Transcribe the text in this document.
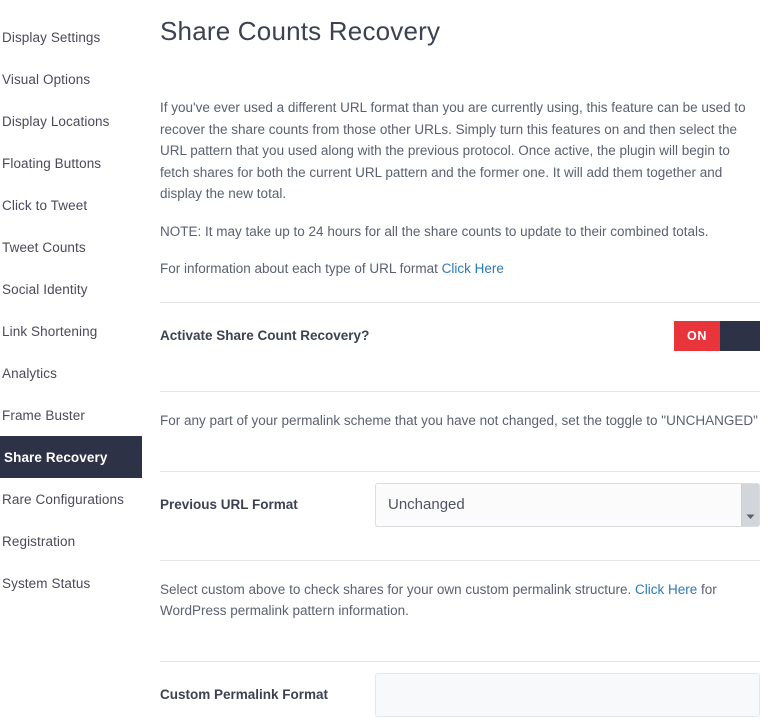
Display Settings
Visual Options
Display Locations
Floating Buttons
Click to Tweet
Tweet Counts
Social Identity
Link Shortening
Analytics
Frame Buster
Share Recovery
Rare Configurations
Registration
System Status
Share Counts Recovery

If you've ever used a different URL format than you are currently using, this feature can be used to recover the share counts from those other URLs. Simply turn this features on and then select the URL pattern that you used along with the previous protocol. Once active, the plugin will begin to fetch shares for both the current URL pattern and the former one. It will add them together and display the new total.

NOTE: It may take up to 24 hours for all the share counts to update to their combined totals.

For information about each type of URL format Click Here

Activate Share Count Recovery?	ON
For any part of your permalink scheme that you have not changed, set the toggle to "UNCHANGED"
Previous URL Format	Unchanged
Select custom above to check shares for your own custom permalink structure. Click Here for WordPress permalink pattern information.
Custom Permalink Format
